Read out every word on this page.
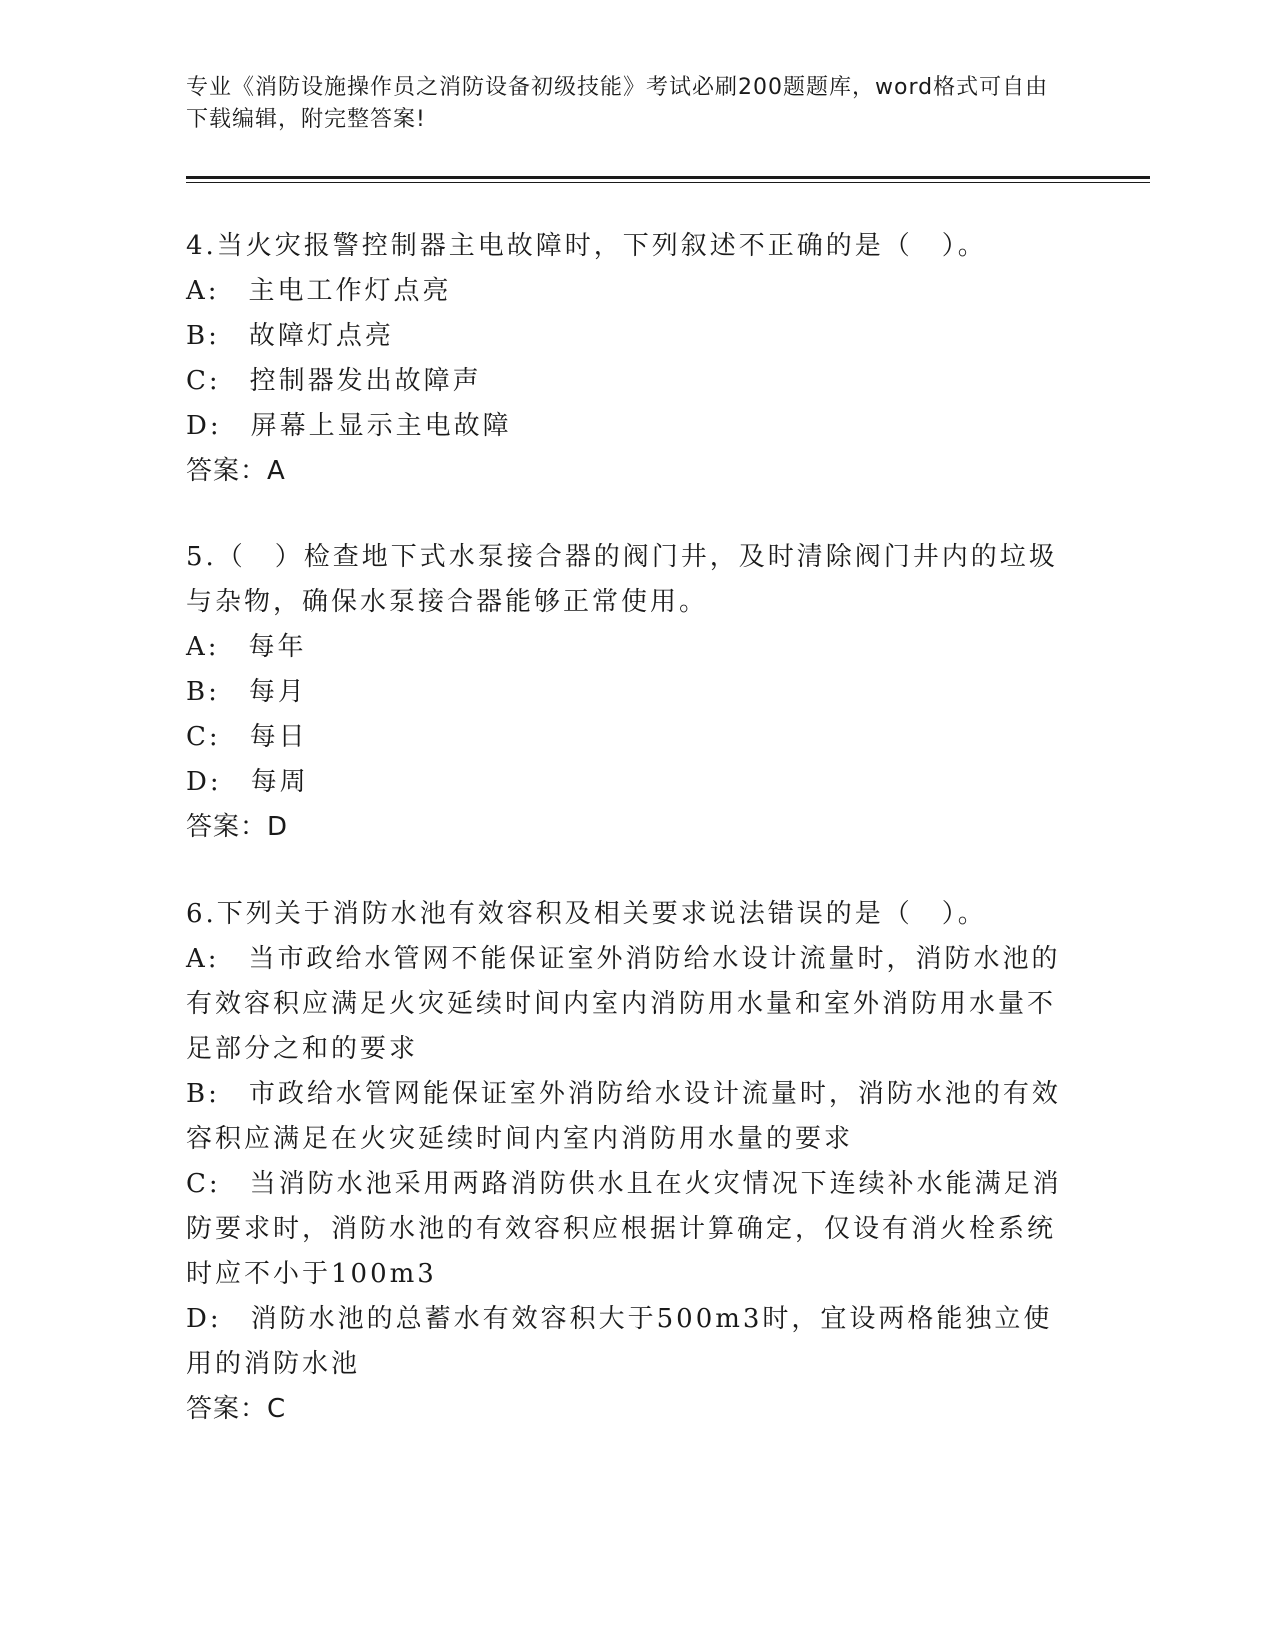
专业《消防设施操作员之消防设备初级技能》考试必刷200题题库，word格式可自由下载编辑，附完整答案!

4.当火灾报警控制器主电故障时，下列叙述不正确的是（　）。

A:　主电工作灯点亮

B:　故障灯点亮

C:　控制器发出故障声

D:　屏幕上显示主电故障

答案：A

5.（　）检查地下式水泵接合器的阀门井，及时清除阀门井内的垃圾与杂物，确保水泵接合器能够正常使用。

A:　每年

B:　每月

C:　每日

D:　每周

答案：D

6.下列关于消防水池有效容积及相关要求说法错误的是（　）。

A:　当市政给水管网不能保证室外消防给水设计流量时，消防水池的有效容积应满足火灾延续时间内室内消防用水量和室外消防用水量不足部分之和的要求

B:　市政给水管网能保证室外消防给水设计流量时，消防水池的有效容积应满足在火灾延续时间内室内消防用水量的要求

C:　当消防水池采用两路消防供水且在火灾情况下连续补水能满足消防要求时，消防水池的有效容积应根据计算确定，仅设有消火栓系统时应不小于100m3

D:　消防水池的总蓄水有效容积大于500m3时，宜设两格能独立使用的消防水池

答案：C
